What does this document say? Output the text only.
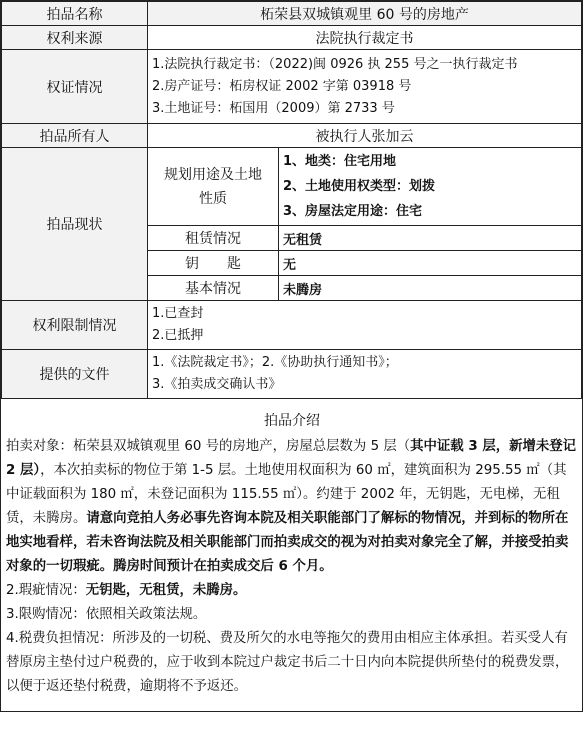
拍品名称	柘荣县双城镇观里 60 号的房地产	
权利来源	法院执行裁定书	
权证情况	1.法院执行裁定书：（2022)闽 0926 执 255 号之一执行裁定书
2.房产证号：柘房权证 2002 字第 03918 号
3.土地证号：柘国用（2009）第 2733 号	

拍品所有人	被执行人张加云	
拍品现状	规划用途及土地性质	1、地类：住宅用地
2、土地使用权类型：划拨
3、房屋法定用途：住宅

	租赁情况	无租赁
	钥　　匙	无
	基本情况	未腾房
权利限制情况	1.已查封
2.已抵押	

提供的文件	1.《法院裁定书》；2.《协助执行通知书》；
3.《拍卖成交确认书》	
拍品介绍

拍卖对象：柘荣县双城镇观里 60 号的房地产，房屋总层数为 5 层（其中证载 3 层，新增未登记 2 层），本次拍卖标的物位于第 1-5 层。土地使用权面积为 60 ㎡，建筑面积为 295.55 ㎡（其中证载面积为 180 ㎡，未登记面积为 115.55 ㎡）。约建于 2002 年，无钥匙，无电梯，无租赁，未腾房。请意向竞拍人务必事先咨询本院及相关职能部门了解标的物情况，并到标的物所在地实地看样，若未咨询法院及相关职能部门而拍卖成交的视为对拍卖对象完全了解，并接受拍卖对象的一切瑕疵。腾房时间预计在拍卖成交后 6 个月。

2.瑕疵情况：无钥匙，无租赁，未腾房。

3.限购情况：依照相关政策法规。

4.税费负担情况：所涉及的一切税、费及所欠的水电等拖欠的费用由相应主体承担。若买受人有替原房主垫付过户税费的，应于收到本院过户裁定书后二十日内向本院提供所垫付的税费发票，以便于返还垫付税费，逾期将不予返还。
